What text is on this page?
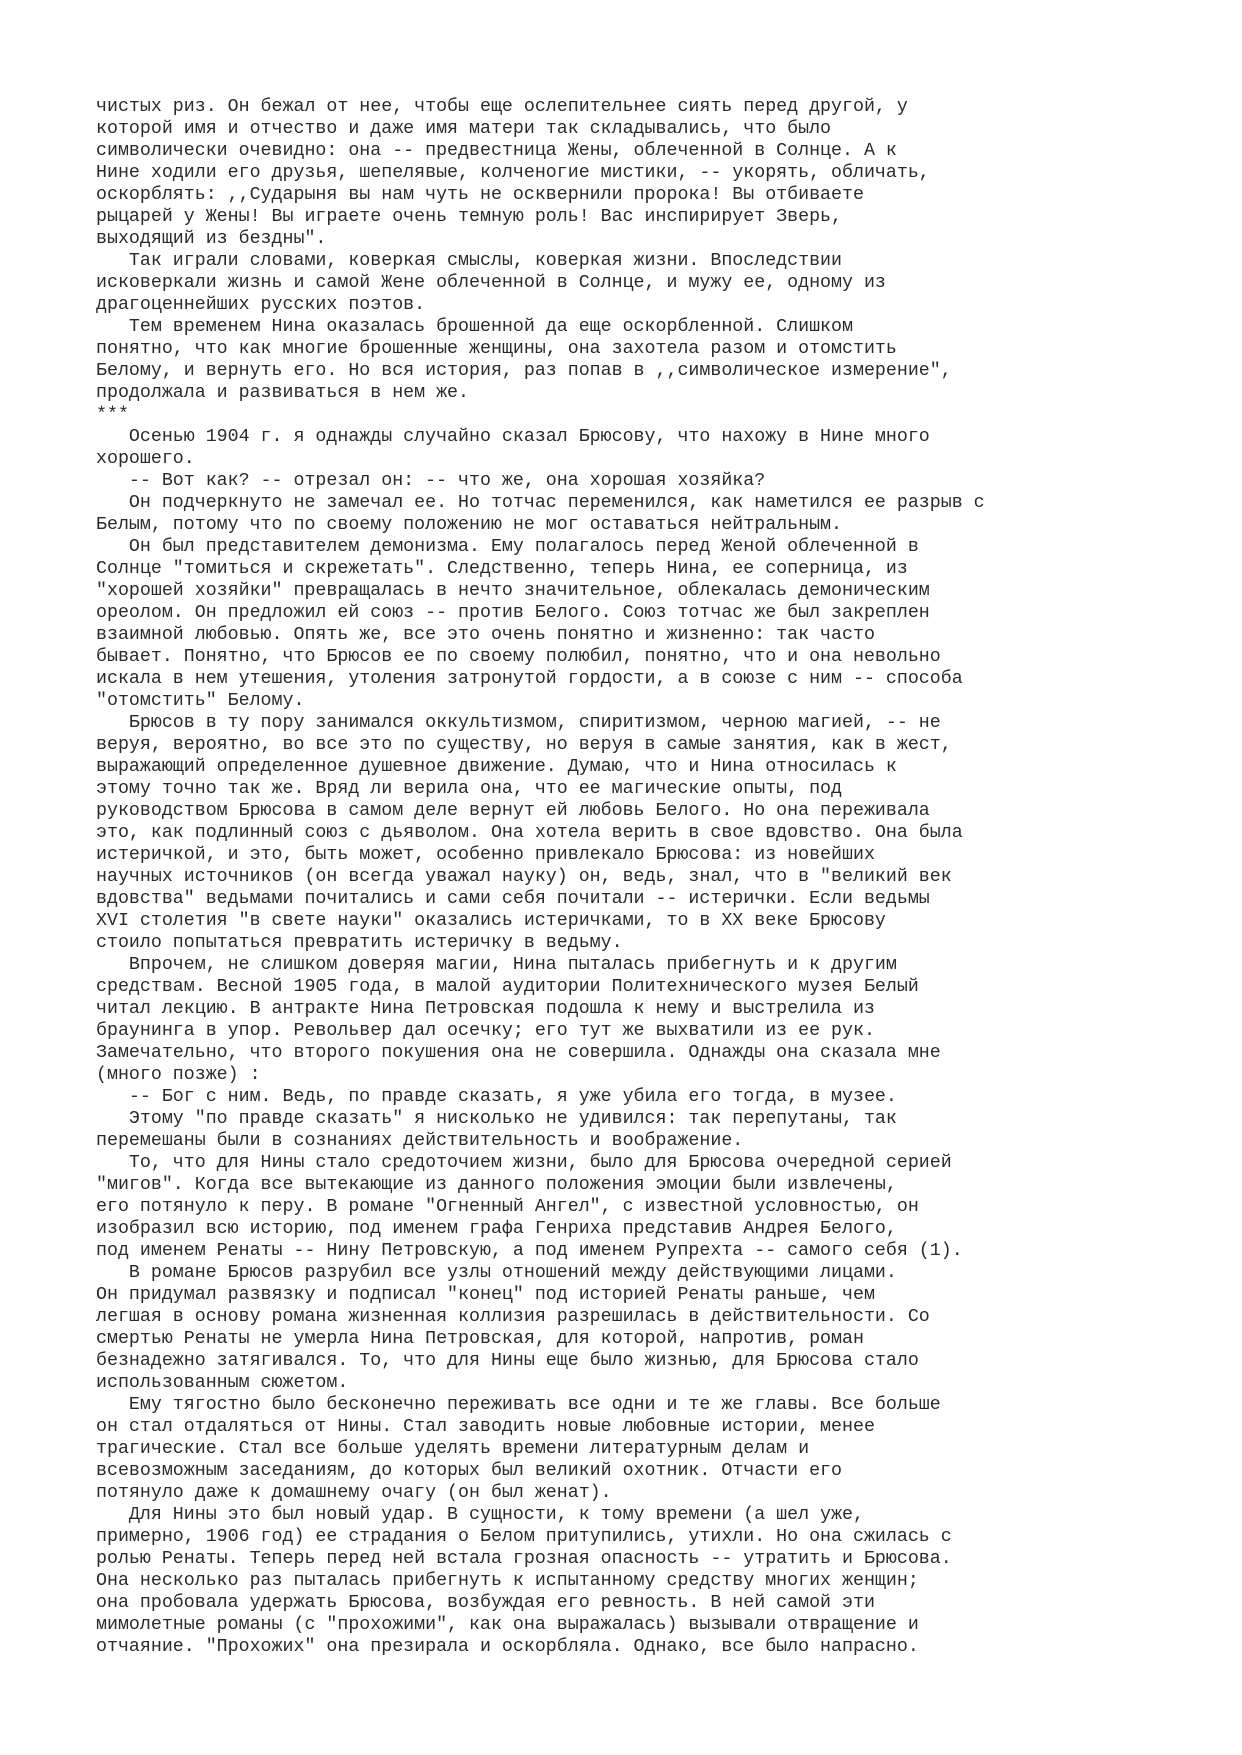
чистых риз. Он бежал от нее, чтобы еще ослепительнее сиять перед другой, у
которой имя и отчество и даже имя матери так складывались, что было
символически очевидно: она -- предвестница Жены, облеченной в Солнце. А к
Нине ходили его друзья, шепелявые, колченогие мистики, -- укорять, обличать,
оскорблять: ,,Сударыня вы нам чуть не осквернили пророка! Вы отбиваете
рыцарей у Жены! Вы играете очень темную роль! Вас инспирирует Зверь,
выходящий из бездны".
Так играли словами, коверкая смыслы, коверкая жизни. Впоследствии
исковеркали жизнь и самой Жене облеченной в Солнце, и мужу ее, одному из
драгоценнейших русских поэтов.
Тем временем Нина оказалась брошенной да еще оскорбленной. Слишком
понятно, что как многие брошенные женщины, она захотела разом и отомстить
Белому, и вернуть его. Но вся история, раз попав в ,,символическое измерение",
продолжала и развиваться в нем же.
***
Осенью 1904 г. я однажды случайно сказал Брюсову, что нахожу в Нине много
хорошего.
-- Вот как? -- отрезал он: -- что же, она хорошая хозяйка?
Он подчеркнуто не замечал ее. Но тотчас переменился, как наметился ее разрыв с
Белым, потому что по своему положению не мог оставаться нейтральным.
Он был представителем демонизма. Ему полагалось перед Женой облеченной в
Солнце "томиться и скрежетать". Следственно, теперь Нина, ее соперница, из
"хорошей хозяйки" превращалась в нечто значительное, облекалась демоническим
ореолом. Он предложил ей союз -- против Белого. Союз тотчас же был закреплен
взаимной любовью. Опять же, все это очень понятно и жизненно: так часто
бывает. Понятно, что Брюсов ее по своему полюбил, понятно, что и она невольно
искала в нем утешения, утоления затронутой гордости, а в союзе с ним -- способа
"отомстить" Белому.
Брюсов в ту пору занимался оккультизмом, спиритизмом, черною магией, -- не
веруя, вероятно, во все это по существу, но веруя в самые занятия, как в жест,
выражающий определенное душевное движение. Думаю, что и Нина относилась к
этому точно так же. Вряд ли верила она, что ее магические опыты, под
руководством Брюсова в самом деле вернут ей любовь Белого. Но она переживала
это, как подлинный союз с дьяволом. Она хотела верить в свое вдовство. Она была
истеричкой, и это, быть может, особенно привлекало Брюсова: из новейших
научных источников (он всегда уважал науку) он, ведь, знал, что в "великий век
вдовства" ведьмами почитались и сами себя почитали -- истерички. Если ведьмы
XVI столетия "в свете науки" оказались истеричками, то в XX веке Брюсову
стоило попытаться превратить истеричку в ведьму.
Впрочем, не слишком доверяя магии, Нина пыталась прибегнуть и к другим
средствам. Весной 1905 года, в малой аудитории Политехнического музея Белый
читал лекцию. В антракте Нина Петровская подошла к нему и выстрелила из
браунинга в упор. Револьвер дал осечку; его тут же выхватили из ее рук.
Замечательно, что второго покушения она не совершила. Однажды она сказала мне
(много позже) :
-- Бог с ним. Ведь, по правде сказать, я уже убила его тогда, в музее.
Этому "по правде сказать" я нисколько не удивился: так перепутаны, так
перемешаны были в сознаниях действительность и воображение.
То, что для Нины стало средоточием жизни, было для Брюсова очередной серией
"мигов". Когда все вытекающие из данного положения эмоции были извлечены,
его потянуло к перу. В романе "Огненный Ангел", с известной условностью, он
изобразил всю историю, под именем графа Генриха представив Андрея Белого,
под именем Ренаты -- Нину Петровскую, а под именем Рупрехта -- самого себя (1).
В романе Брюсов разрубил все узлы отношений между действующими лицами.
Он придумал развязку и подписал "конец" под историей Ренаты раньше, чем
легшая в основу романа жизненная коллизия разрешилась в действительности. Со
смертью Ренаты не умерла Нина Петровская, для которой, напротив, роман
безнадежно затягивался. То, что для Нины еще было жизнью, для Брюсова стало
использованным сюжетом.
Ему тягостно было бесконечно переживать все одни и те же главы. Все больше
он стал отдаляться от Нины. Стал заводить новые любовные истории, менее
трагические. Стал все больше уделять времени литературным делам и
всевозможным заседаниям, до которых был великий охотник. Отчасти его
потянуло даже к домашнему очагу (он был женат).
Для Нины это был новый удар. В сущности, к тому времени (а шел уже,
примерно, 1906 год) ее страдания о Белом притупились, утихли. Но она сжилась с
ролью Ренаты. Теперь перед ней встала грозная опасность -- утратить и Брюсова.
Она несколько раз пыталась прибегнуть к испытанному средству многих женщин;
она пробовала удержать Брюсова, возбуждая его ревность. В ней самой эти
мимолетные романы (с "прохожими", как она выражалась) вызывали отвращение и
отчаяние. "Прохожих" она презирала и оскорбляла. Однако, все было напрасно.
